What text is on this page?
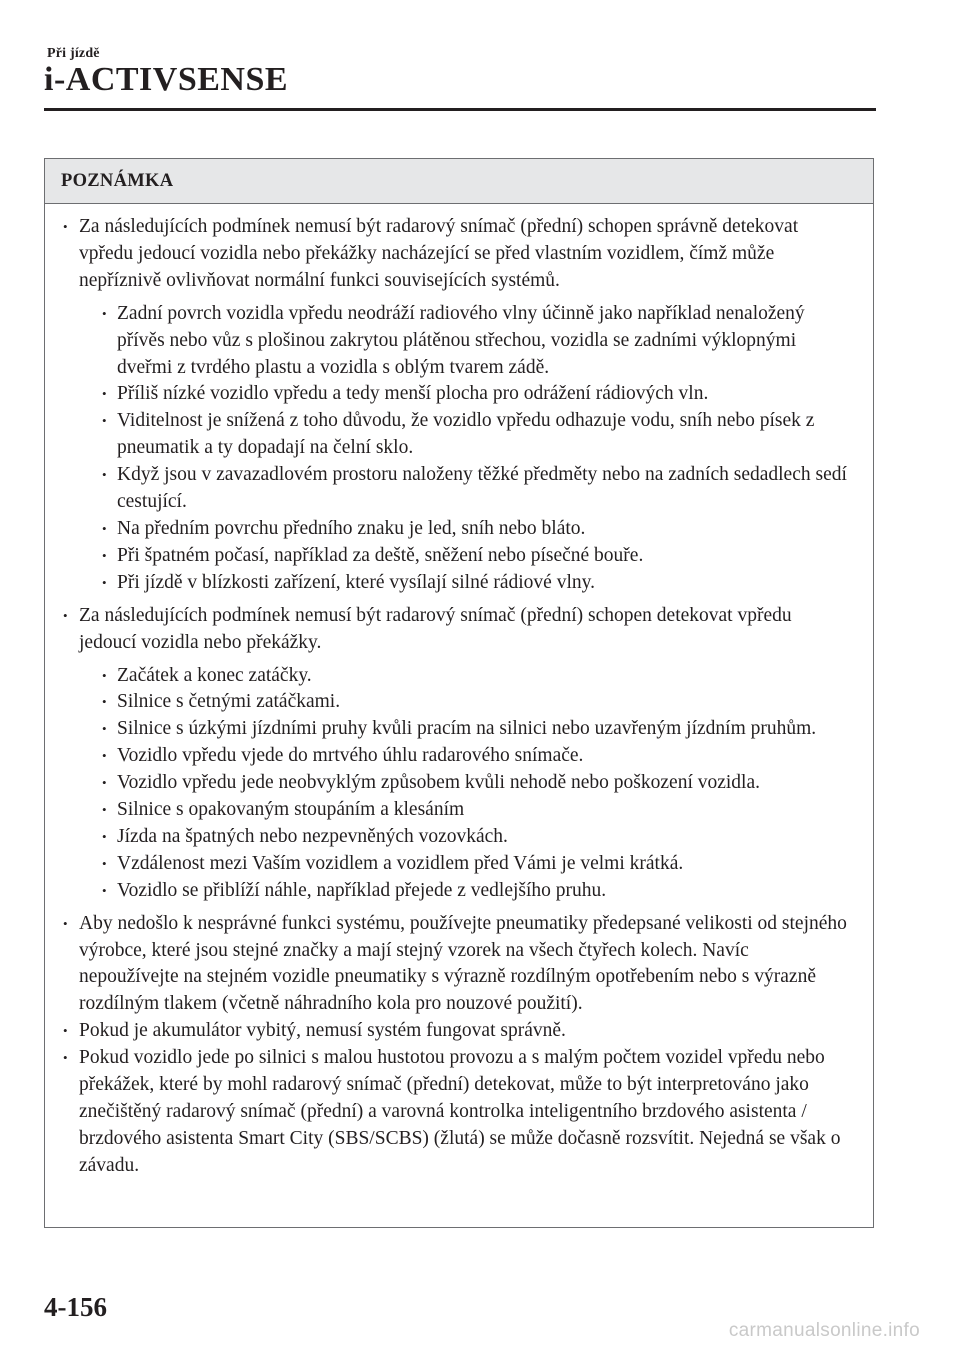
Při jízdě
i-ACTIVSENSE
POZNÁMKA
• Za následujících podmínek nemusí být radarový snímač (přední) schopen správně detekovat vpředu jedoucí vozidla nebo překážky nacházející se před vlastním vozidlem, čímž může nepříznivě ovlivňovat normální funkci souvisejících systémů.
• Zadní povrch vozidla vpředu neodráží radiového vlny účinně jako například nenaložený přívěs nebo vůz s plošinou zakrytou plátěnou střechou, vozidla se zadními výklopnými dveřmi z tvrdého plastu a vozidla s oblým tvarem zádě.
• Příliš nízké vozidlo vpředu a tedy menší plocha pro odrážení rádiových vln.
• Viditelnost je snížená z toho důvodu, že vozidlo vpředu odhazuje vodu, sníh nebo písek z pneumatik a ty dopadají na čelní sklo.
• Když jsou v zavazadlovém prostoru naloženy těžké předměty nebo na zadních sedadlech sedí cestující.
• Na předním povrchu předního znaku je led, sníh nebo bláto.
• Při špatném počasí, například za deště, sněžení nebo písečné bouře.
• Při jízdě v blízkosti zařízení, které vysílají silné rádiové vlny.
• Za následujících podmínek nemusí být radarový snímač (přední) schopen detekovat vpředu jedoucí vozidla nebo překážky.
• Začátek a konec zatáčky.
• Silnice s četnými zatáčkami.
• Silnice s úzkými jízdními pruhy kvůli pracím na silnici nebo uzavřeným jízdním pruhům.
• Vozidlo vpředu vjede do mrtvého úhlu radarového snímače.
• Vozidlo vpředu jede neobvyklým způsobem kvůli nehodě nebo poškození vozidla.
• Silnice s opakovaným stoupáním a klesáním
• Jízda na špatných nebo nezpevněných vozovkách.
• Vzdálenost mezi Vaším vozidlem a vozidlem před Vámi je velmi krátká.
• Vozidlo se přiblíží náhle, například přejede z vedlejšího pruhu.
• Aby nedošlo k nesprávné funkci systému, používejte pneumatiky předepsané velikosti od stejného výrobce, které jsou stejné značky a mají stejný vzorek na všech čtyřech kolech. Navíc nepoužívejte na stejném vozidle pneumatiky s výrazně rozdílným opotřebením nebo s výrazně rozdílným tlakem (včetně náhradního kola pro nouzové použití).
• Pokud je akumulátor vybitý, nemusí systém fungovat správně.
• Pokud vozidlo jede po silnici s malou hustotou provozu a s malým počtem vozidel vpředu nebo překážek, které by mohl radarový snímač (přední) detekovat, může to být interpretováno jako znečištěný radarový snímač (přední) a varovná kontrolka inteligentního brzdového asistenta / brzdového asistenta Smart City (SBS/SCBS) (žlutá) se může dočasně rozsvítit. Nejedná se však o závadu.
4-156
carmanualsonline.info
